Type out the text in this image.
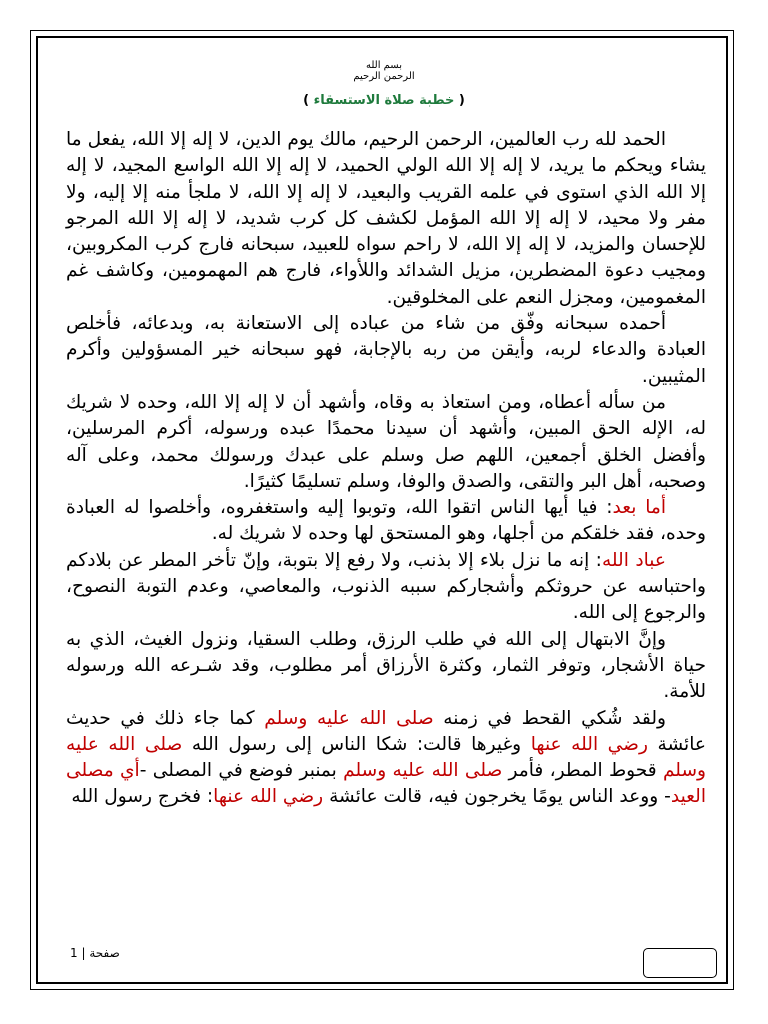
بسم الله
الرحمن الرحيم
( خطبة صلاة الاستسقاء )

الحمد لله رب العالمين، الرحمن الرحيم، مالك يوم الدين، لا إله إلا الله، يفعل ما يشاء ويحكم ما يريد، لا إله إلا الله الولي الحميد، لا إله إلا الله الواسع المجيد، لا إله إلا الله الذي استوى في علمه القريب والبعيد، لا إله إلا الله، لا ملجأ منه إلا إليه، ولا مفر ولا محيد، لا إله إلا الله المؤمل لكشف كل كرب شديد، لا إله إلا الله المرجو للإحسان والمزيد، لا إله إلا الله، لا راحم سواه للعبيد، سبحانه فارج كرب المكروبين، ومجيب دعوة المضطرين، مزيل الشدائد واللأواء، فارج هم المهمومين، وكاشف غم المغمومين، ومجزل النعم على المخلوقين.

أحمده سبحانه وفّق من شاء من عباده إلى الاستعانة به، وبدعائه، فأخلص العبادة والدعاء لربه، وأيقن من ربه بالإجابة، فهو سبحانه خير المسؤولين وأكرم المثيبين.

من سأله أعطاه، ومن استعاذ به وقاه، وأشهد أن لا إله إلا الله، وحده لا شريك له، الإله الحق المبين، وأشهد أن سيدنا محمدًا عبده ورسوله، أكرم المرسلين، وأفضل الخلق أجمعين، اللهم صل وسلم على عبدك ورسولك محمد، وعلى آله وصحبه، أهل البر والتقى، والصدق والوفا، وسلم تسليمًا كثيرًا.

أما بعد: فيا أيها الناس اتقوا الله، وتوبوا إليه واستغفروه، وأخلصوا له العبادة وحده، فقد خلقكم من أجلها، وهو المستحق لها وحده لا شريك له.

عباد الله: إنه ما نزل بلاء إلا بذنب، ولا رفع إلا بتوبة، وإنّ تأخر المطر عن بلادكم واحتباسه عن حروثكم وأشجاركم سببه الذنوب، والمعاصي، وعدم التوبة النصوح، والرجوع إلى الله.

وإنَّ الابتهال إلى الله في طلب الرزق، وطلب السقيا، ونزول الغيث، الذي به حياة الأشجار، وتوفر الثمار، وكثرة الأرزاق أمر مطلوب، وقد شـرعه الله ورسوله للأمة.

ولقد شُكي القحط في زمنه صلى الله عليه وسلم كما جاء ذلك في حديث عائشة رضي الله عنها وغيرها قالت: شكا الناس إلى رسول الله صلى الله عليه وسلم قحوط المطر، فأمر صلى الله عليه وسلم بمنبر فوضع في المصلى -أي مصلى العيد- ووعد الناس يومًا يخرجون فيه، قالت عائشة رضي الله عنها: فخرج رسول الله

1 | صفحة
